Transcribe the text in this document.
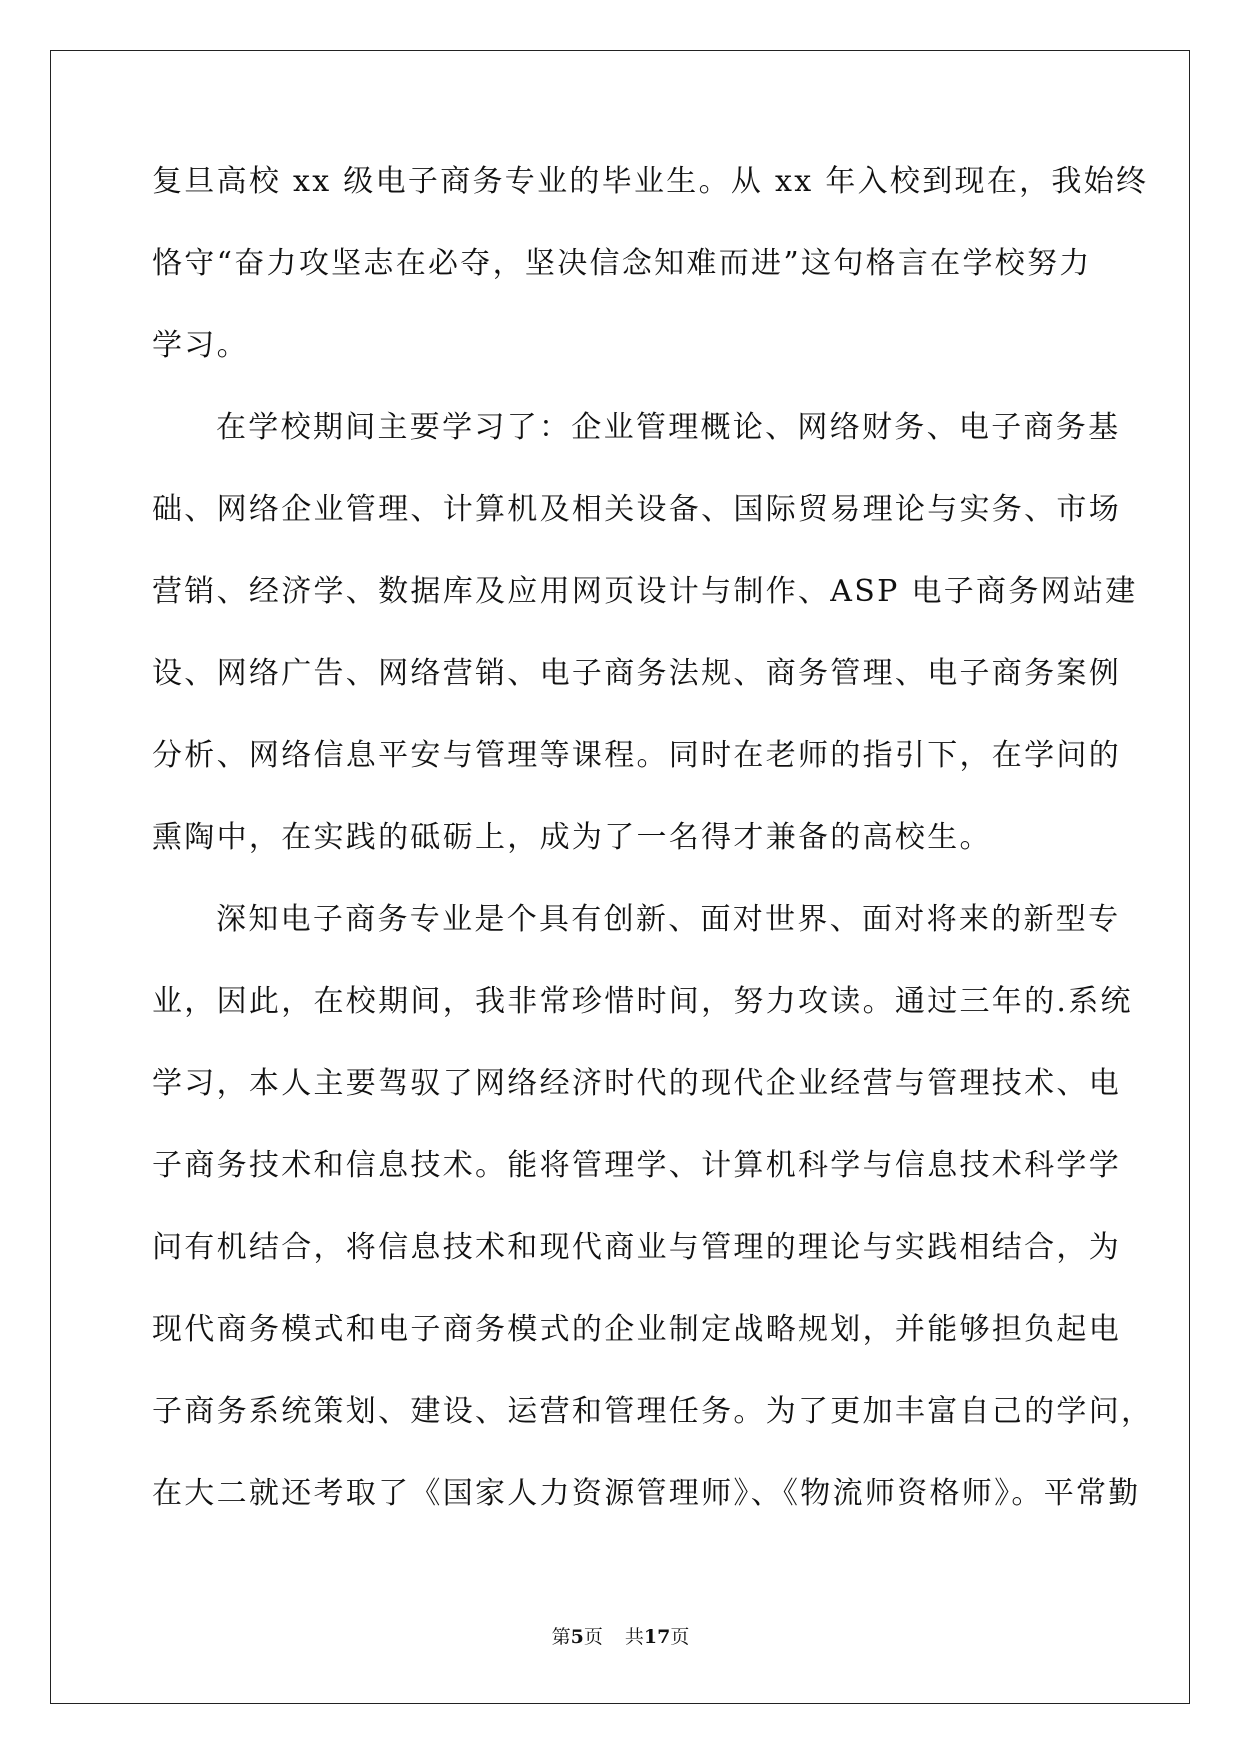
复旦高校 xx 级电子商务专业的毕业生。从 xx 年入校到现在，我始终
恪守“奋力攻坚志在必夺，坚决信念知难而进”这句格言在学校努力
学习。
在学校期间主要学习了：企业管理概论、网络财务、电子商务基
础、网络企业管理、计算机及相关设备、国际贸易理论与实务、市场
营销、经济学、数据库及应用网页设计与制作、ASP 电子商务网站建
设、网络广告、网络营销、电子商务法规、商务管理、电子商务案例
分析、网络信息平安与管理等课程。同时在老师的指引下，在学问的
熏陶中，在实践的砥砺上，成为了一名得才兼备的高校生。
深知电子商务专业是个具有创新、面对世界、面对将来的新型专
业，因此，在校期间，我非常珍惜时间，努力攻读。通过三年的.系统
学习，本人主要驾驭了网络经济时代的现代企业经营与管理技术、电
子商务技术和信息技术。能将管理学、计算机科学与信息技术科学学
问有机结合，将信息技术和现代商业与管理的理论与实践相结合，为
现代商务模式和电子商务模式的企业制定战略规划，并能够担负起电
子商务系统策划、建设、运营和管理任务。为了更加丰富自己的学问，
在大二就还考取了《国家人力资源管理师》、《物流师资格师》。平常勤
第5页 共17页
